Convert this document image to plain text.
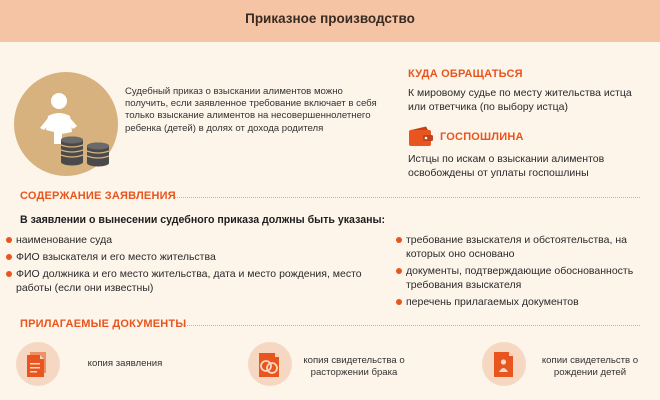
Приказное производство
Судебный приказ о взыскании алиментов можно получить, если заявленное требование включает в себя только взыскание алиментов на несовершеннолетнего ребенка (детей) в долях от дохода родителя
КУДА ОБРАЩАТЬСЯ
К мировому судье по месту жительства истца или ответчика (по выбору истца)
ГОСПОШЛИНА
Истцы по искам о взыскании алиментов освобождены от уплаты госпошлины
СОДЕРЖАНИЕ ЗАЯВЛЕНИЯ
В заявлении о вынесении судебного приказа должны быть указаны:
наименование суда
ФИО взыскателя и его место жительства
ФИО должника и его место жительства, дата и место рождения, место работы (если они известны)
требование взыскателя и обстоятельства, на которых оно основано
документы, подтверждающие обоснованность требования взыскателя
перечень прилагаемых документов
ПРИЛАГАЕМЫЕ ДОКУМЕНТЫ
копия заявления	копия свидетельства о расторжении брака
копии свидетельств о рождении детей
